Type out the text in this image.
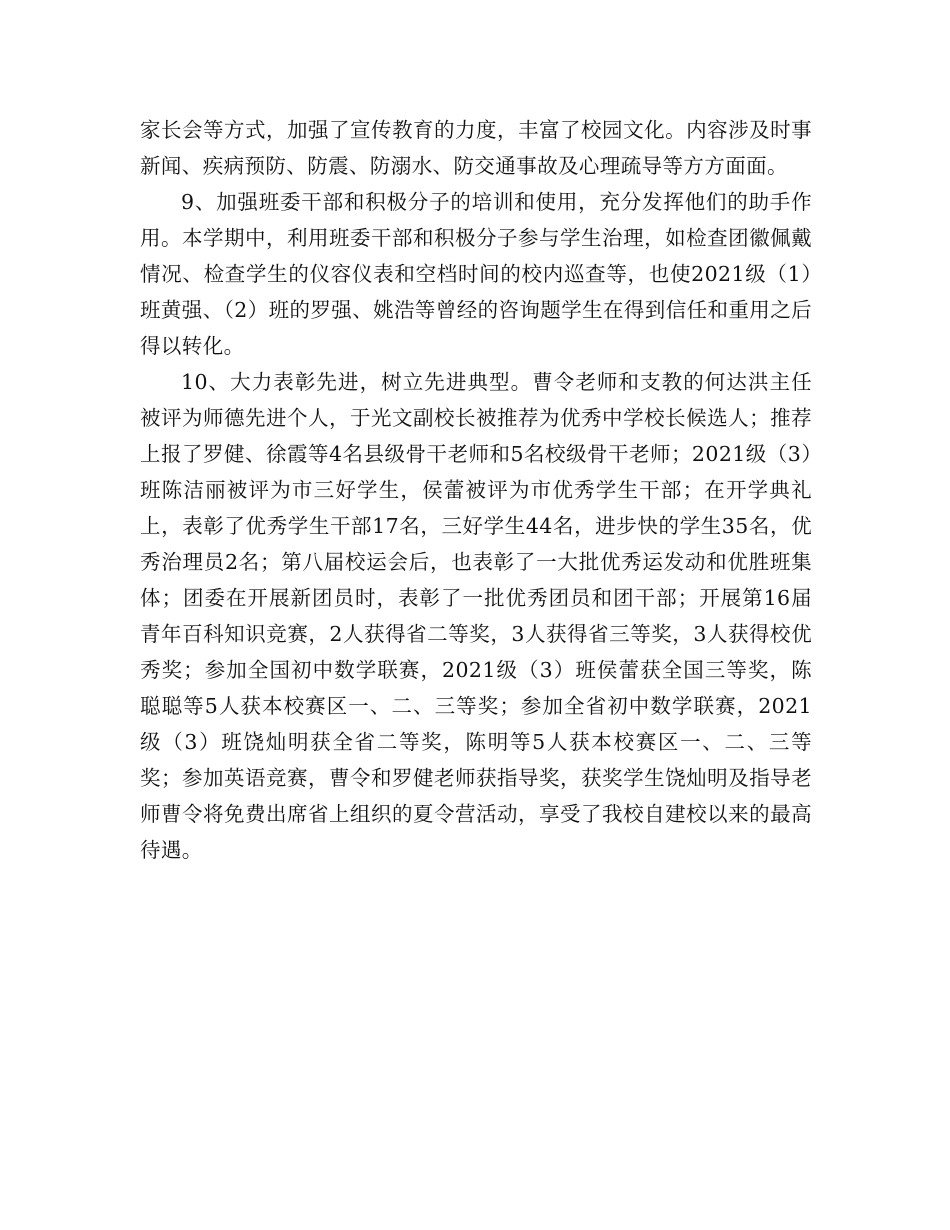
家长会等方式，加强了宣传教育的力度，丰富了校园文化。内容涉及时事新闻、疾病预防、防震、防溺水、防交通事故及心理疏导等方方面面。

9、加强班委干部和积极分子的培训和使用，充分发挥他们的助手作用。本学期中，利用班委干部和积极分子参与学生治理，如检查团徽佩戴情况、检查学生的仪容仪表和空档时间的校内巡查等，也使2021级（1）班黄强、（2）班的罗强、姚浩等曾经的咨询题学生在得到信任和重用之后得以转化。

10、大力表彰先进，树立先进典型。曹令老师和支教的何达洪主任被评为师德先进个人，于光文副校长被推荐为优秀中学校长候选人；推荐上报了罗健、徐霞等4名县级骨干老师和5名校级骨干老师；2021级（3）班陈洁丽被评为市三好学生，侯蕾被评为市优秀学生干部；在开学典礼上，表彰了优秀学生干部17名，三好学生44名，进步快的学生35名，优秀治理员2名；第八届校运会后，也表彰了一大批优秀运发动和优胜班集体；团委在开展新团员时，表彰了一批优秀团员和团干部；开展第16届青年百科知识竞赛，2人获得省二等奖，3人获得省三等奖，3人获得校优秀奖；参加全国初中数学联赛，2021级（3）班侯蕾获全国三等奖，陈聪聪等5人获本校赛区一、二、三等奖；参加全省初中数学联赛，2021级（3）班饶灿明获全省二等奖，陈明等5人获本校赛区一、二、三等奖；参加英语竞赛，曹令和罗健老师获指导奖，获奖学生饶灿明及指导老师曹令将免费出席省上组织的夏令营活动，享受了我校自建校以来的最高待遇。
